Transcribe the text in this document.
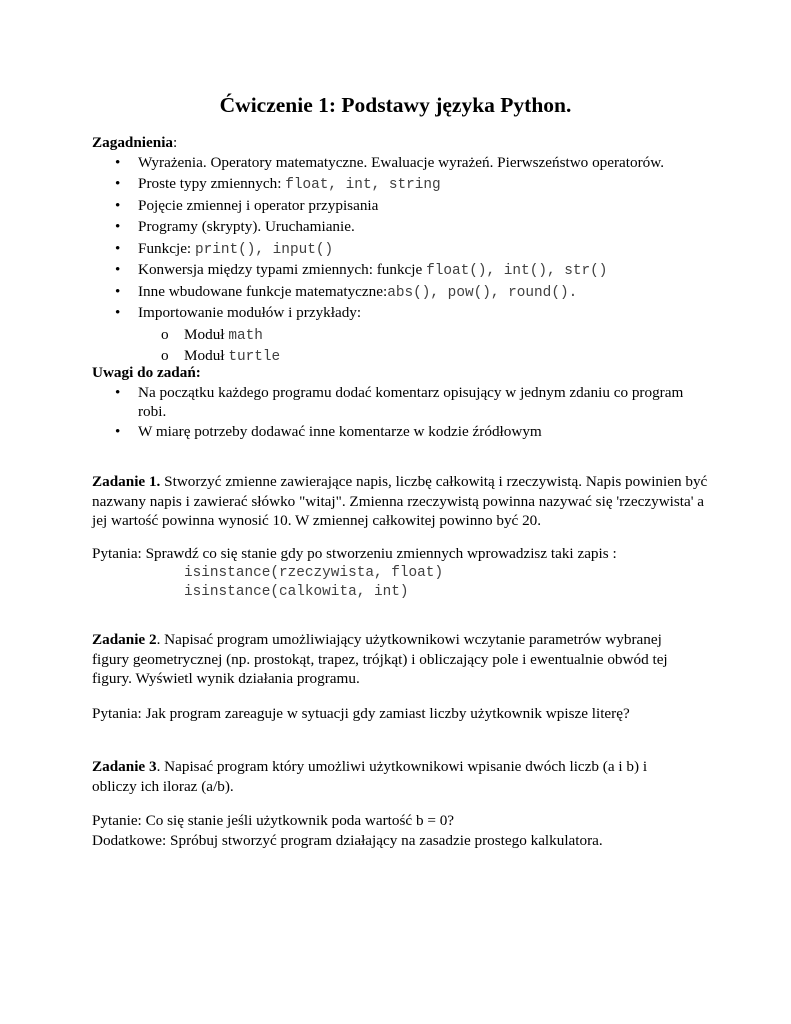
Ćwiczenie 1: Podstawy języka Python.

Zagadnienia:

• Wyrażenia. Operatory matematyczne. Ewaluacje wyrażeń. Pierwszeństwo operatorów.
• Proste typy zmiennych: float, int, string
• Pojęcie zmiennej i operator przypisania
• Programy (skrypty). Uruchamianie.
• Funkcje: print(), input()
• Konwersja między typami zmiennych: funkcje float(), int(), str()
• Inne wbudowane funkcje matematyczne:abs(), pow(), round().
• Importowanie modułów i przykłady:
o Moduł math
o Moduł turtle

Uwagi do zadań:

• Na początku każdego programu dodać komentarz opisujący w jednym zdaniu co program robi.
• W miarę potrzeby dodawać inne komentarze w kodzie źródłowym

Zadanie 1. Stworzyć zmienne zawierające napis, liczbę całkowitą i rzeczywistą. Napis powinien być nazwany napis i zawierać słówko "witaj". Zmienna rzeczywistą powinna nazywać się 'rzeczywista' a jej wartość powinna wynosić 10. W zmiennej całkowitej powinno być 20.

Pytania: Sprawdź co się stanie gdy po stworzeniu zmiennych wprowadzisz taki zapis :

isinstance(rzeczywista, float)

isinstance(calkowita, int)

Zadanie 2. Napisać program umożliwiający użytkownikowi wczytanie parametrów wybranej figury geometrycznej (np. prostokąt, trapez, trójkąt) i obliczający pole i ewentualnie obwód tej figury. Wyświetl wynik działania programu.

Pytania: Jak program zareaguje w sytuacji gdy zamiast liczby użytkownik wpisze literę?

Zadanie 3. Napisać program który umożliwi użytkownikowi wpisanie dwóch liczb (a i b) i obliczy ich iloraz (a/b).

Pytanie: Co się stanie jeśli użytkownik poda wartość b = 0?

Dodatkowe: Spróbuj stworzyć program działający na zasadzie prostego kalkulatora.
